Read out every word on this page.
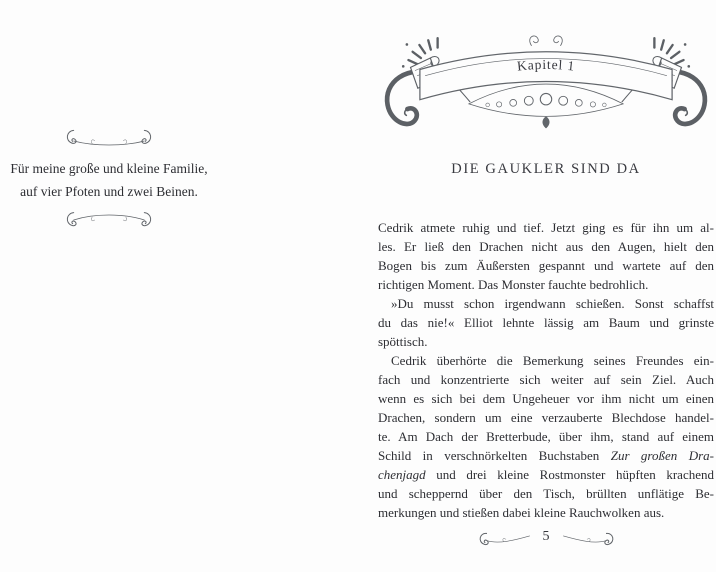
Für meine große und kleine Familie,

auf vier Pfoten und zwei Beinen.

Kapitel 1
DIE GAUKLER SIND DA
Cedrik atmete ruhig und tief. Jetzt ging es für ihn um al-
les. Er ließ den Drachen nicht aus den Augen, hielt den
Bogen bis zum Äußersten gespannt und wartete auf den
richtigen Moment. Das Monster fauchte bedrohlich.
»Du musst schon irgendwann schießen. Sonst schaffst
du das nie!« Elliot lehnte lässig am Baum und grinste
spöttisch.
Cedrik überhörte die Bemerkung seines Freundes ein-
fach und konzentrierte sich weiter auf sein Ziel. Auch
wenn es sich bei dem Ungeheuer vor ihm nicht um einen
Drachen, sondern um eine verzauberte Blechdose handel-
te. Am Dach der Bretterbude, über ihm, stand auf einem
Schild in verschnörkelten Buchstaben Zur großen Dra-
chenjagd und drei kleine Rostmonster hüpften krachend
und scheppernd über den Tisch, brüllten unflätige Be-
merkungen und stießen dabei kleine Rauchwolken aus.
5
